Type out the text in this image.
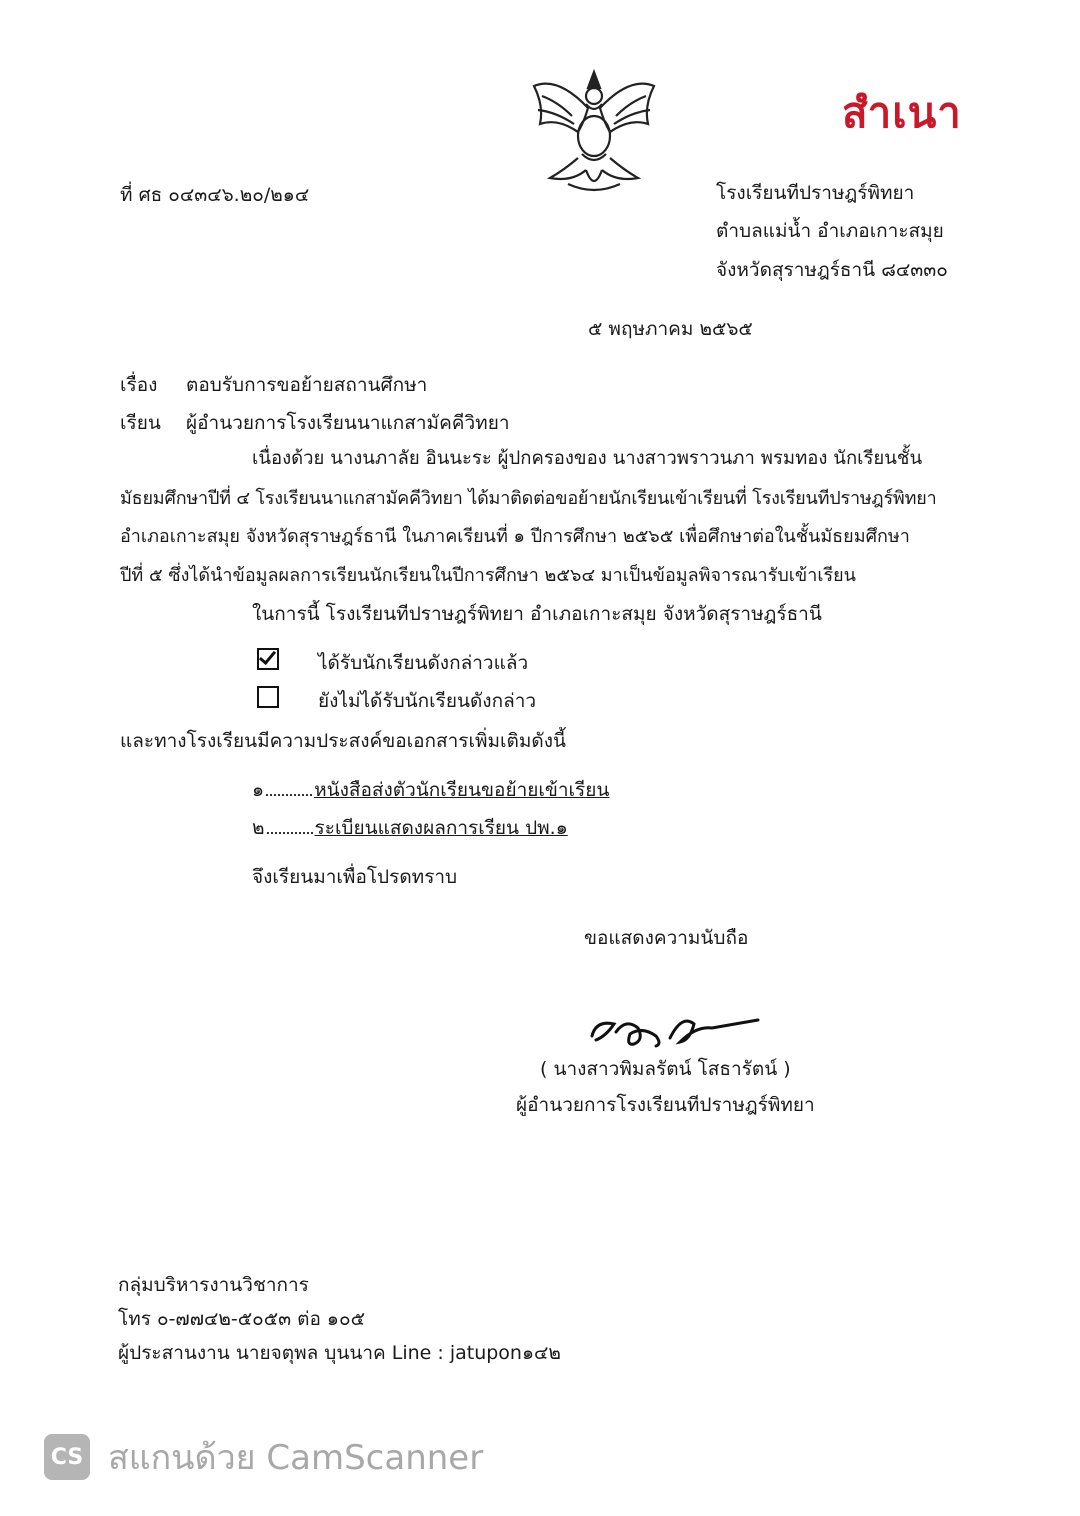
สำเนา
ที่ ศธ ๐๔๓๔๖.๒๐/๒๑๔	โรงเรียนทีปราษฎร์พิทยา
ตำบลแม่น้ำ อำเภอเกาะสมุย
จังหวัดสุราษฎร์ธานี ๘๔๓๓๐
๕ พฤษภาคม ๒๕๖๕
เรื่อง ตอบรับการขอย้ายสถานศึกษา
เรียน ผู้อำนวยการโรงเรียนนาแกสามัคคีวิทยา
เนื่องด้วย นางนภาลัย อินนะระ ผู้ปกครองของ นางสาวพราวนภา พรมทอง นักเรียนชั้น
มัธยมศึกษาปีที่ ๔ โรงเรียนนาแกสามัคคีวิทยา ได้มาติดต่อขอย้ายนักเรียนเข้าเรียนที่ โรงเรียนทีปราษฎร์พิทยา
อำเภอเกาะสมุย จังหวัดสุราษฎร์ธานี ในภาคเรียนที่ ๑ ปีการศึกษา ๒๕๖๕ เพื่อศึกษาต่อในชั้นมัธยมศึกษา
ปีที่ ๕ ซึ่งได้นำข้อมูลผลการเรียนนักเรียนในปีการศึกษา ๒๕๖๔ มาเป็นข้อมูลพิจารณารับเข้าเรียน
ในการนี้ โรงเรียนทีปราษฎร์พิทยา อำเภอเกาะสมุย จังหวัดสุราษฎร์ธานี
ได้รับนักเรียนดังกล่าวแล้ว
ยังไม่ได้รับนักเรียนดังกล่าว
และทางโรงเรียนมีความประสงค์ขอเอกสารเพิ่มเติมดังนี้
๑	หนังสือส่งตัวนักเรียนขอย้ายเข้าเรียน
๒	ระเบียนแสดงผลการเรียน ปพ.๑
จึงเรียนมาเพื่อโปรดทราบ
ขอแสดงความนับถือ
( นางสาวพิมลรัตน์ โสธารัตน์ )
ผู้อำนวยการโรงเรียนทีปราษฎร์พิทยา
กลุ่มบริหารงานวิชาการ
โทร ๐-๗๗๔๒-๕๐๕๓ ต่อ ๑๐๕
ผู้ประสานงาน นายจตุพล บุนนาค Line : jatupon๑๔๒
CS สแกนด้วย CamScanner
